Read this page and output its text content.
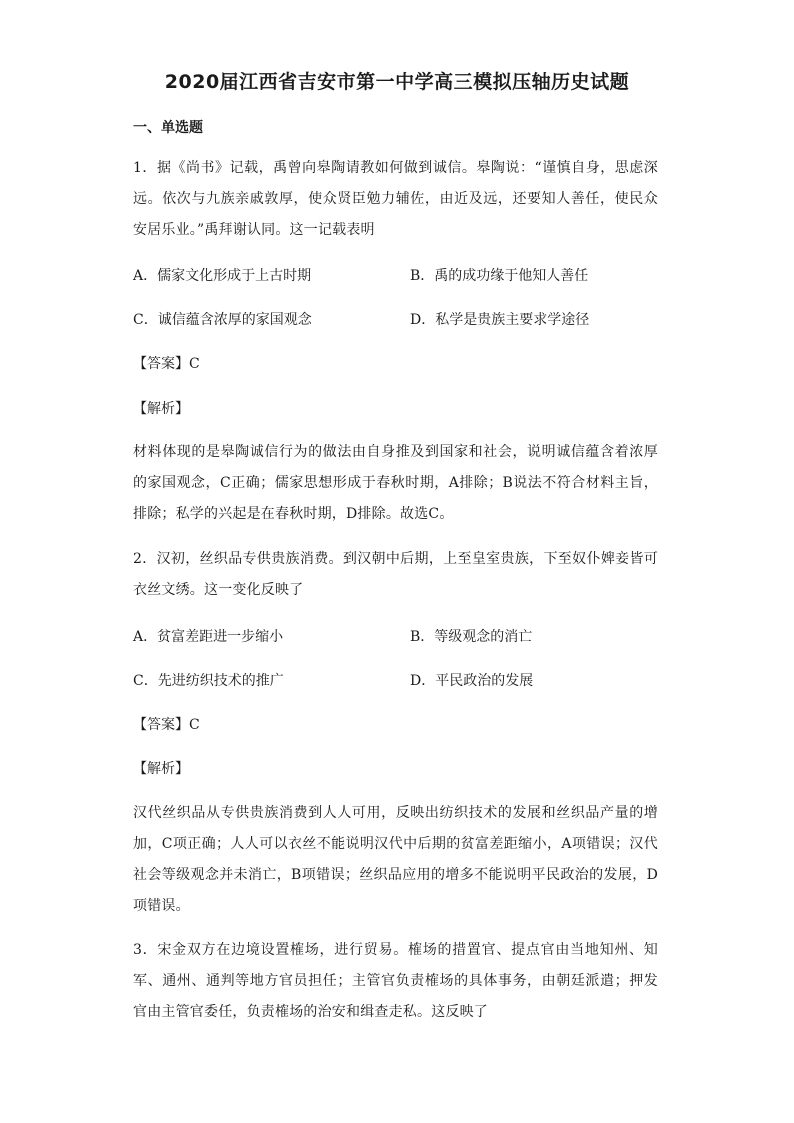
2020届江西省吉安市第一中学高三模拟压轴历史试题
一、单选题
1．据《尚书》记载，禹曾向皋陶请教如何做到诚信。皋陶说：“谨慎自身，思虑深远。依次与九族亲戚敦厚，使众贤臣勉力辅佐，由近及远，还要知人善任，使民众安居乐业。”禹拜谢认同。这一记载表明
A．儒家文化形成于上古时期	B．禹的成功缘于他知人善任
C．诚信蕴含浓厚的家国观念	D．私学是贵族主要求学途径
【答案】C
【解析】
材料体现的是皋陶诚信行为的做法由自身推及到国家和社会，说明诚信蕴含着浓厚的家国观念，C正确；儒家思想形成于春秋时期，A排除；B说法不符合材料主旨，排除；私学的兴起是在春秋时期，D排除。故选C。
2．汉初，丝织品专供贵族消费。到汉朝中后期，上至皇室贵族，下至奴仆婢妾皆可衣丝文绣。这一变化反映了
A．贫富差距进一步缩小	B．等级观念的消亡
C．先进纺织技术的推广	D．平民政治的发展
【答案】C
【解析】
汉代丝织品从专供贵族消费到人人可用，反映出纺织技术的发展和丝织品产量的增加，C项正确；人人可以衣丝不能说明汉代中后期的贫富差距缩小，A项错误；汉代社会等级观念并未消亡，B项错误；丝织品应用的增多不能说明平民政治的发展，D项错误。
3．宋金双方在边境设置榷场，进行贸易。榷场的措置官、提点官由当地知州、知军、通州、通判等地方官员担任；主管官负责榷场的具体事务，由朝廷派遣；押发官由主管官委任，负责榷场的治安和缉查走私。这反映了
